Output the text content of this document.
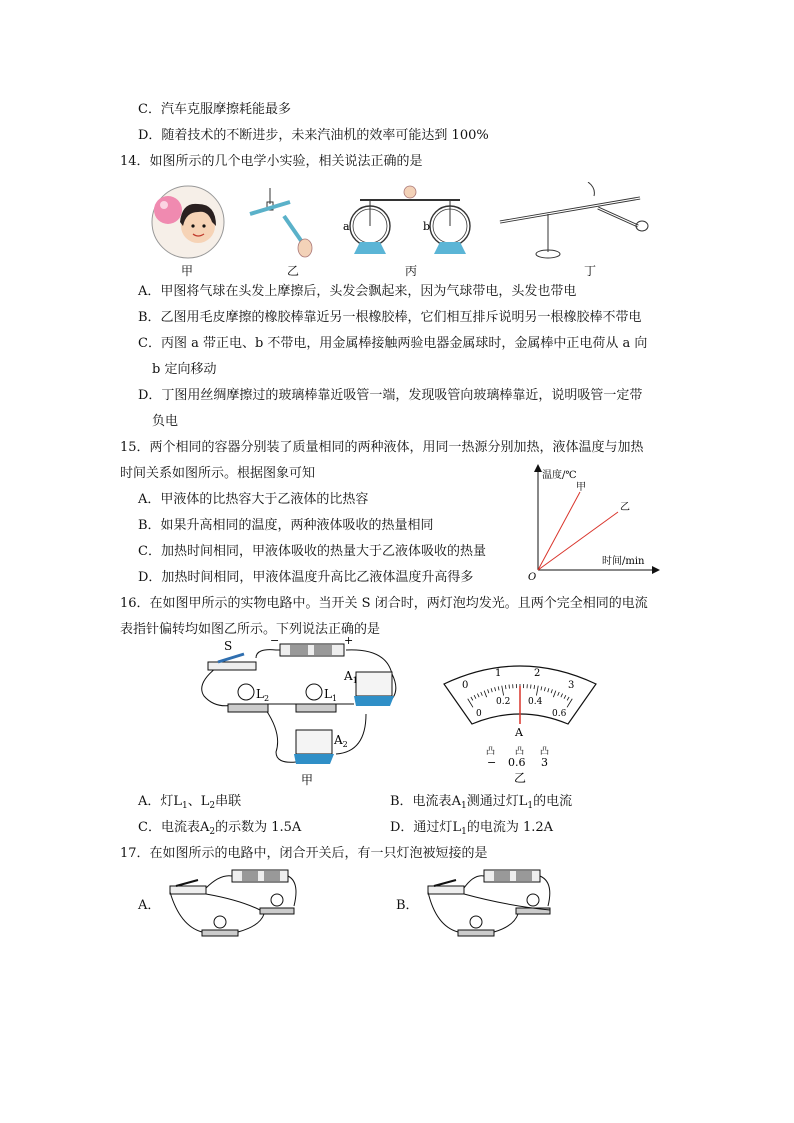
C．汽车克服摩擦耗能最多
D．随着技术的不断进步，未来汽油机的效率可能达到 100%
14．如图所示的几个电学小实验，相关说法正确的是
a	b
甲	乙	丙	丁
A．甲图将气球在头发上摩擦后，头发会飘起来，因为气球带电，头发也带电
B．乙图用毛皮摩擦的橡胶棒靠近另一根橡胶棒，它们相互排斥说明另一根橡胶棒不带电
C．丙图 a 带正电、b 不带电，用金属棒接触两验电器金属球时，金属棒中正电荷从 a 向
b 定向移动
D．丁图用丝绸摩擦过的玻璃棒靠近吸管一端，发现吸管向玻璃棒靠近，说明吸管一定带
负电
15．两个相同的容器分别装了质量相同的两种液体，用同一热源分别加热，液体温度与加热
时间关系如图所示。根据图象可知
A．甲液体的比热容大于乙液体的比热容
B．如果升高相同的温度，两种液体吸收的热量相同
C．加热时间相同，甲液体吸收的热量大于乙液体吸收的热量
D．加热时间相同，甲液体温度升高比乙液体温度升高得多
温度/℃
时间/min
O
甲
乙
16．在如图甲所示的实物电路中。当开关 S 闭合时，两灯泡均发光。且两个完全相同的电流
表指针偏转均如图乙所示。下列说法正确的是
S	−	+
$L_2$	$L_1$
$A_1$
$A_2$
甲
0
1	2
3
0
0.2 0.4
0.6
A
凸 凸 凸
− 0.6 3
乙
A．灯$L_1$、$L_2$串联	B．电流表$A_1$测通过灯$L_1$的电流
C．电流表$A_2$的示数为 1.5A	D．通过灯$L_1$的电流为 1.2A
17．在如图所示的电路中，闭合开关后，有一只灯泡被短接的是
A．	B．
